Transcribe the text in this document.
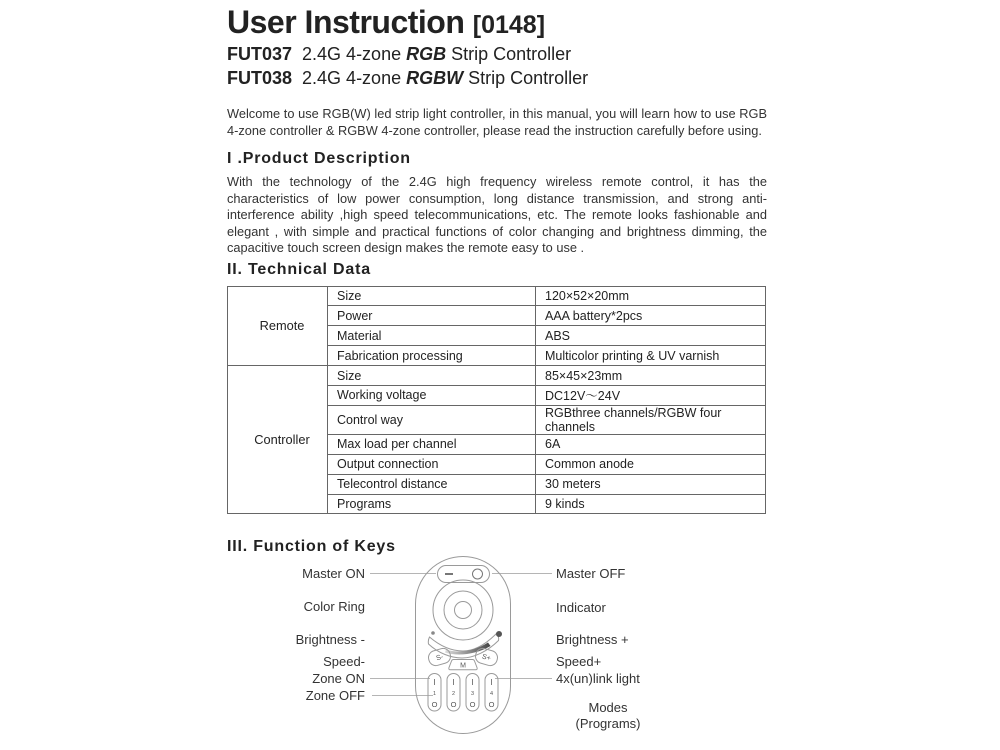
User Instruction [0148]
FUT037 2.4G 4-zone RGB Strip Controller
FUT038 2.4G 4-zone RGBW Strip Controller

Welcome to use RGB(W) led strip light controller, in this manual, you will learn how to use RGB 4-zone controller & RGBW 4-zone controller, please read the instruction carefully before using.

I .Product Description

With the technology of the 2.4G high frequency wireless remote control, it has the characteristics of low power consumption, long distance transmission, and strong anti-interference ability ,high speed telecommunications, etc. The remote looks fashionable and elegant , with simple and practical functions of color changing and brightness dimming, the capacitive touch screen design makes the remote easy to use .

II. Technical Data
Remote	Size	120×52×20mm
	Power	AAA battery*2pcs
	Material	ABS
	Fabrication processing	Multicolor printing & UV varnish
Controller	Size	85×45×23mm
	Working voltage	DC12V～24V
	Control way	RGBthree channels/RGBW four channels
	Max load per channel	6A
	Output connection	Common anode
	Telecontrol distance	30 meters
	Programs	9 kinds
III. Function of Keys
Master ON
Color Ring
Brightness -
Speed-
Zone ON
Zone OFF
Master OFF
Indicator
Brightness +
Speed+
4x(un)link light
Modes
(Programs)
S-	S+
M
I
1
O
I
2
O
I
3
O
I
4
O
